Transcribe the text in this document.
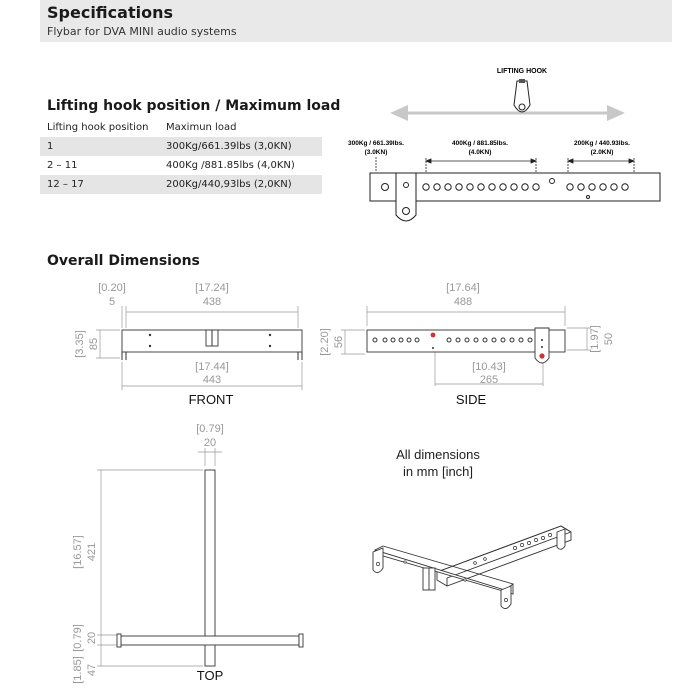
Specifications
Flybar for DVA MINI audio systems
Lifting hook position / Maximum load
Lifting hook position	Maximun load
1	300Kg/661.39lbs (3,0KN)
2 – 11	400Kg /881.85lbs (4,0KN)
12 – 17	200Kg/440,93lbs (2,0KN)
LIFTING HOOK
300Kg / 661.39lbs.
(3.0KN)
400Kg / 881.85lbs.
(4.0KN)
200Kg / 440.93lbs.
(2.0KN)
Overall Dimensions
[0.20]
5
[17.24]
438
[3.35] 85
[17.44]
443
FRONT
[17.64]
488
[2.20] 56	[1.97] 50
[10.43]
265
SIDE
[0.79]
20
[16.57] 421
[0.79] 20
[1.85] 47	TOP
All dimensions
in mm [inch]
